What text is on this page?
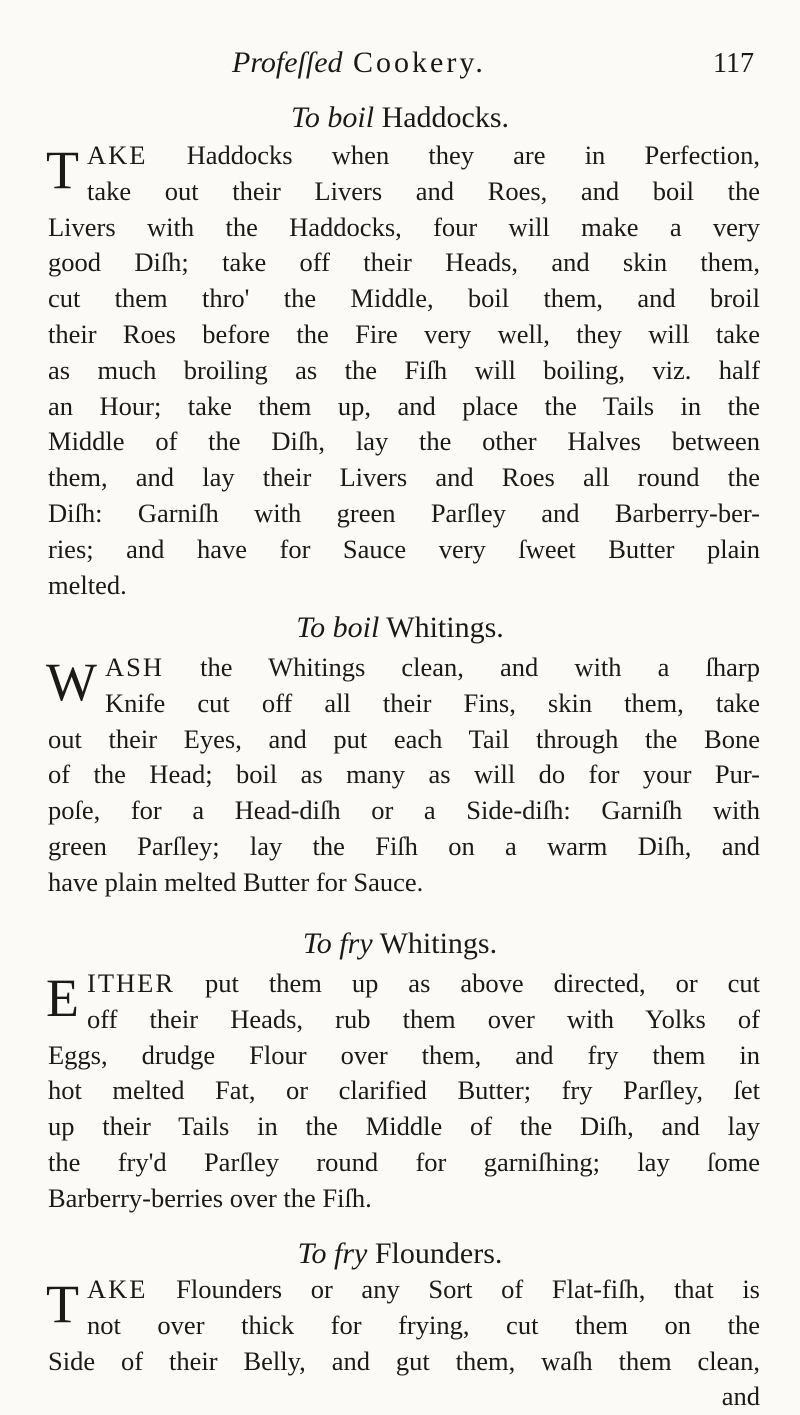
Profeſſed Cookery.	117
To boil Haddocks.
T AKE Haddocks when they are in Perfection,
take out their Livers and Roes, and boil the
Livers with the Haddocks, four will make a very
good Diſh; take off their Heads, and skin them,
cut them thro' the Middle, boil them, and broil
their Roes before the Fire very well, they will take
as much broiling as the Fiſh will boiling, viz. half
an Hour; take them up, and place the Tails in the
Middle of the Diſh, lay the other Halves between
them, and lay their Livers and Roes all round the
Diſh: Garniſh with green Parſley and Barberry-ber-
ries; and have for Sauce very ſweet Butter plain
melted.
To boil Whitings.
W ASH the Whitings clean, and with a ſharp
Knife cut off all their Fins, skin them, take
out their Eyes, and put each Tail through the Bone
of the Head; boil as many as will do for your Pur-
poſe, for a Head-diſh or a Side-diſh: Garniſh with
green Parſley; lay the Fiſh on a warm Diſh, and
have plain melted Butter for Sauce.
To fry Whitings.
E ITHER put them up as above directed, or cut
off their Heads, rub them over with Yolks of
Eggs, drudge Flour over them, and fry them in
hot melted Fat, or clarified Butter; fry Parſley, ſet
up their Tails in the Middle of the Diſh, and lay
the fry'd Parſley round for garniſhing; lay ſome
Barberry-berries over the Fiſh.
To fry Flounders.
T AKE Flounders or any Sort of Flat-fiſh, that is
not over thick for frying, cut them on the
Side of their Belly, and gut them, waſh them clean,
and
